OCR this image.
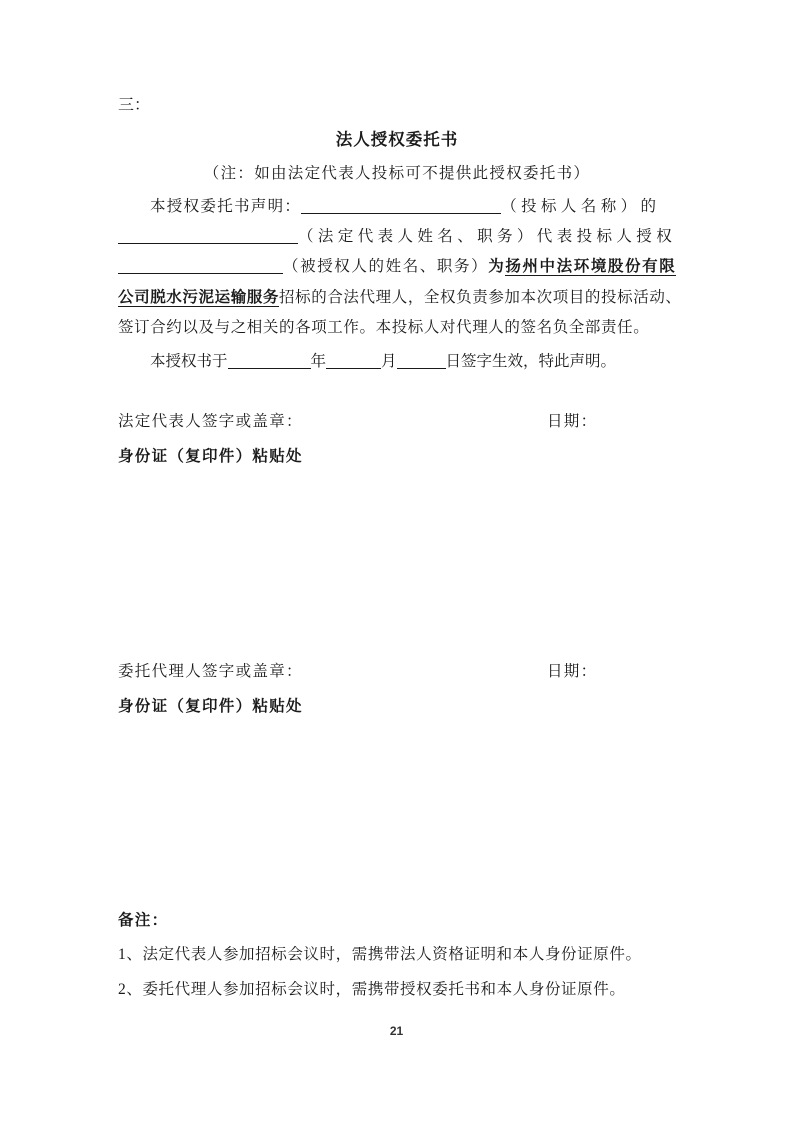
三：
法人授权委托书
（注：如由法定代表人投标可不提供此授权委托书）
本授权委托书声明：	（投标人名称）的
（法定代表人姓名、职务）代表投标人授权
（被授权人的姓名、职务）为扬州中法环境股份有限
公司脱水污泥运输服务招标的合法代理人，全权负责参加本次项目的投标活动、
签订合约以及与之相关的各项工作。本投标人对代理人的签名负全部责任。
本授权书于	年	月	日签字生效，特此声明。
法定代表人签字或盖章：	日期：
身份证（复印件）粘贴处
委托代理人签字或盖章：	日期：
身份证（复印件）粘贴处
备注：
1、法定代表人参加招标会议时，需携带法人资格证明和本人身份证原件。
2、委托代理人参加招标会议时，需携带授权委托书和本人身份证原件。
21
